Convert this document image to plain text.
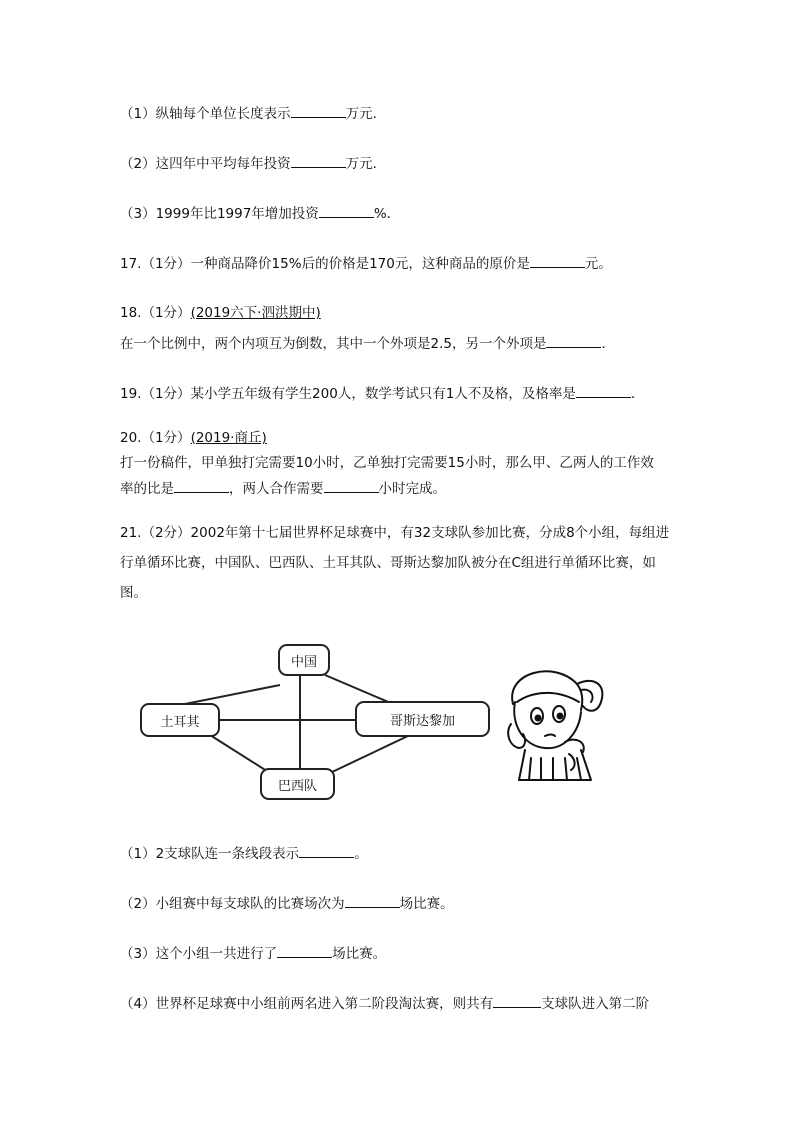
（1）纵轴每个单位长度表示	万元．
（2）这四年中平均每年投资	万元．
（3）1999年比1997年增加投资	%．
17.（1分）一种商品降价15%后的价格是170元，这种商品的原价是	元。
18.（1分）(2019六下·泗洪期中)
在一个比例中，两个内项互为倒数，其中一个外项是2.5，另一个外项是	．
19.（1分）某小学五年级有学生200人，数学考试只有1人不及格，及格率是	．
20.（1分）(2019·商丘)
打一份稿件，甲单独打完需要10小时，乙单独打完需要15小时，那么甲、乙两人的工作效
率的比是	，两人合作需要	小时完成。
21.（2分）2002年第十七届世界杯足球赛中，有32支球队参加比赛，分成8个小组，每组进
行单循环比赛，中国队、巴西队、土耳其队、哥斯达黎加队被分在C组进行单循环比赛，如
图。
中国
土耳其	哥斯达黎加
巴西队
（1）2支球队连一条线段表示	。
（2）小组赛中每支球队的比赛场次为	场比赛。
（3）这个小组一共进行了	场比赛。
（4）世界杯足球赛中小组前两名进入第二阶段淘汰赛，则共有	支球队进入第二阶
